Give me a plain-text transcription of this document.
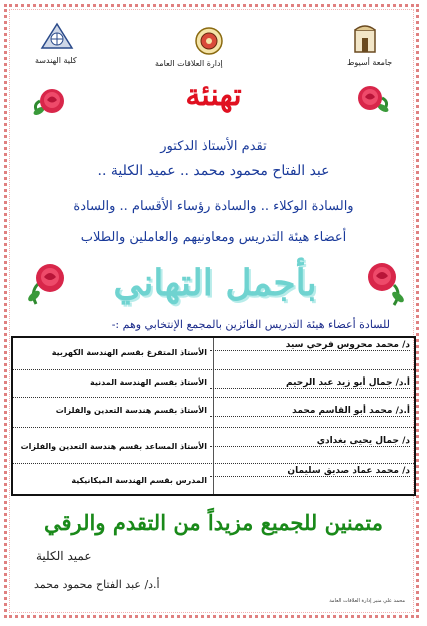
كلية الهندسة	إدارة العلاقات العامة	جامعة أسيوط
تهنئة
تقدم الأستاذ الدكتور
عبد الفتاح محمود محمد .. عميد الكلية ..
والسادة الوكلاء .. والسادة رؤساء الأقسام .. والسادة
أعضاء هيئة التدريس ومعاونيهم والعاملين والطلاب
بأجمل التهاني
للسادة أعضاء هيئة التدريس الفائزين بالمجمع الإنتخابي وهم :-
د/ محمد محروس فرحي سيد
الأستاذ المتفرغ بقسم الهندسة الكهربية
أ.د/ جمال أبو زيد عبد الرحيم
الأستاذ بقسم الهندسة المدنية
أ.د/ محمد أبو القاسم محمد
الأستاذ بقسم هندسة التعدين والفلزات
د/ جمال يحيى بغدادي
الأستاذ المساعد بقسم هندسة التعدين والفلزات
د/ محمد عماد صديق سليمان
المدرس بقسم الهندسة الميكانيكية
متمنين للجميع مزيداً من التقدم والرقي
عميد الكلية
أ.د/ عبد الفتاح محمود محمد
محمد علي منير إدارة العلاقات العامة
